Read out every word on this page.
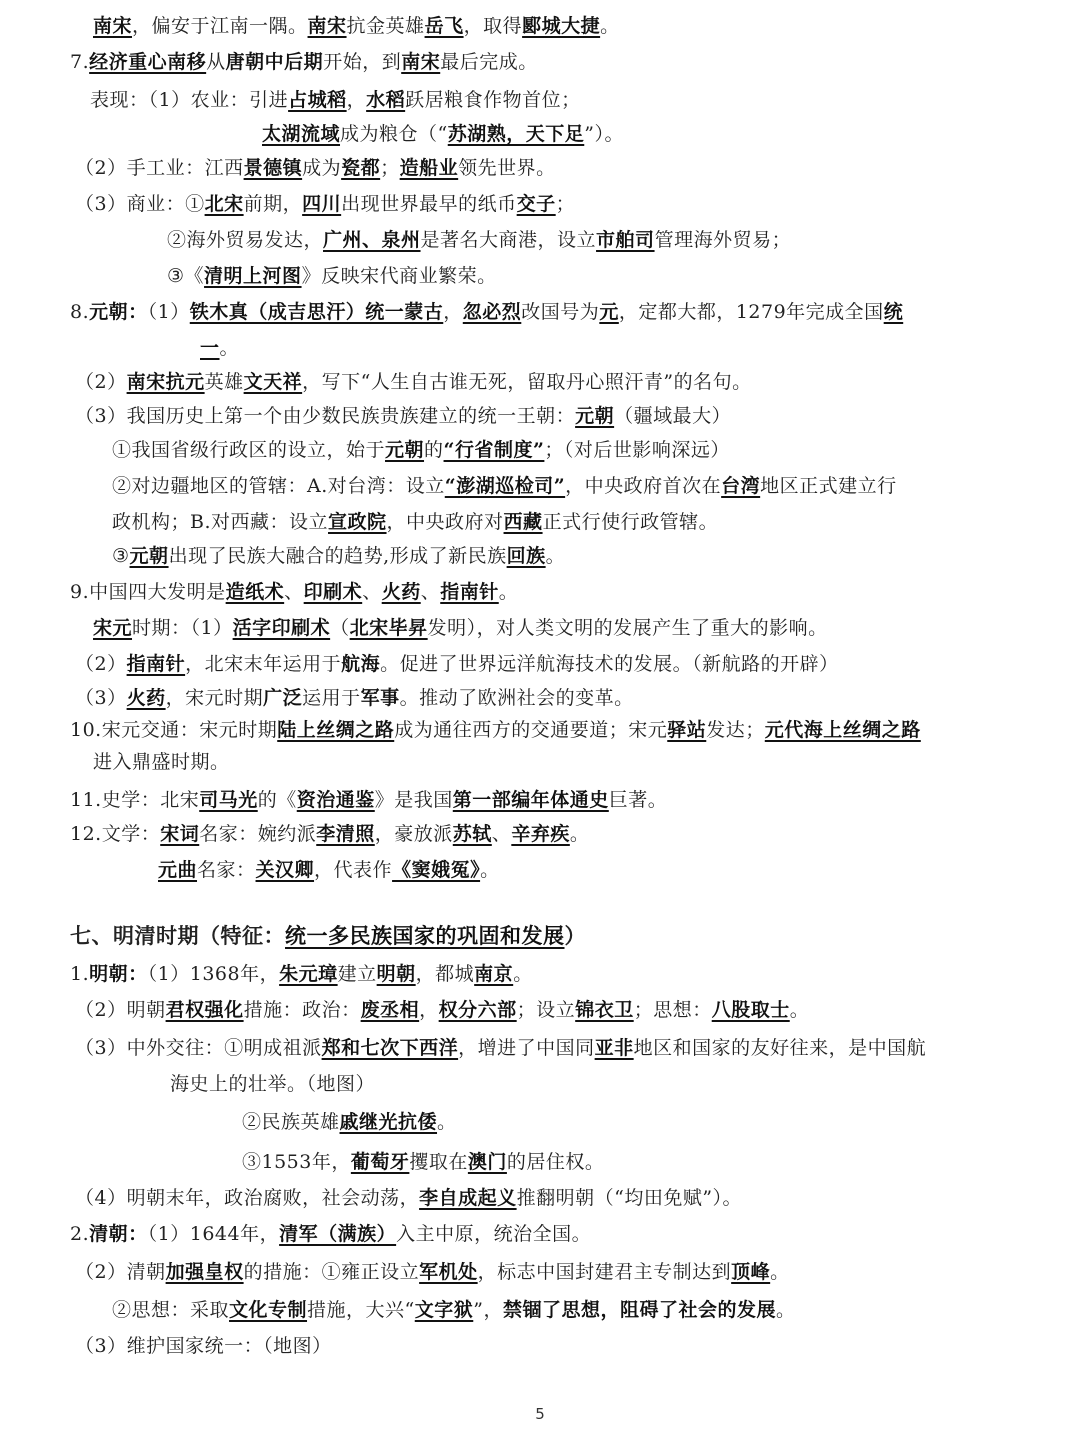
南宋，偏安于江南一隅。南宋抗金英雄岳飞，取得郾城大捷。
7.经济重心南移从唐朝中后期开始，到南宋最后完成。
表现：（1）农业：引进占城稻，水稻跃居粮食作物首位；
太湖流域成为粮仓（“苏湖熟，天下足”）。
（2）手工业：江西景德镇成为瓷都；造船业领先世界。
（3）商业：①北宋前期，四川出现世界最早的纸币交子；
②海外贸易发达，广州、泉州是著名大商港，设立市舶司管理海外贸易；
③《清明上河图》反映宋代商业繁荣。
8.元朝：（1）铁木真（成吉思汗）统一蒙古，忽必烈改国号为元，定都大都，1279年完成全国统
一。
（2）南宋抗元英雄文天祥，写下“人生自古谁无死，留取丹心照汗青”的名句。
（3）我国历史上第一个由少数民族贵族建立的统一王朝：元朝（疆域最大）
①我国省级行政区的设立，始于元朝的“行省制度”；（对后世影响深远）
②对边疆地区的管辖：A.对台湾：设立“澎湖巡检司”，中央政府首次在台湾地区正式建立行
政机构；B.对西藏：设立宣政院，中央政府对西藏正式行使行政管辖。
③元朝出现了民族大融合的趋势,形成了新民族回族。
9.中国四大发明是造纸术、印刷术、火药、指南针。
宋元时期：（1）活字印刷术（北宋毕昇发明），对人类文明的发展产生了重大的影响。
（2）指南针，北宋末年运用于航海。促进了世界远洋航海技术的发展。（新航路的开辟）
（3）火药，宋元时期广泛运用于军事。推动了欧洲社会的变革。
10.宋元交通：宋元时期陆上丝绸之路成为通往西方的交通要道；宋元驿站发达；元代海上丝绸之路
进入鼎盛时期。
11.史学：北宋司马光的《资治通鉴》是我国第一部编年体通史巨著。
12.文学：宋词名家：婉约派李清照，豪放派苏轼、辛弃疾。
元曲名家：关汉卿，代表作《窦娥冤》。
七、明清时期（特征：统一多民族国家的巩固和发展）
1.明朝：（1）1368年，朱元璋建立明朝，都城南京。
（2）明朝君权强化措施：政治：废丞相，权分六部；设立锦衣卫；思想：八股取士。
（3）中外交往：①明成祖派郑和七次下西洋，增进了中国同亚非地区和国家的友好往来，是中国航
海史上的壮举。（地图）
②民族英雄戚继光抗倭。
③1553年，葡萄牙攫取在澳门的居住权。
（4）明朝末年，政治腐败，社会动荡，李自成起义推翻明朝（“均田免赋”）。
2.清朝：（1）1644年，清军（满族）入主中原，统治全国。
（2）清朝加强皇权的措施：①雍正设立军机处，标志中国封建君主专制达到顶峰。
②思想：采取文化专制措施，大兴“文字狱”，禁锢了思想，阻碍了社会的发展。
（3）维护国家统一：（地图）
5
